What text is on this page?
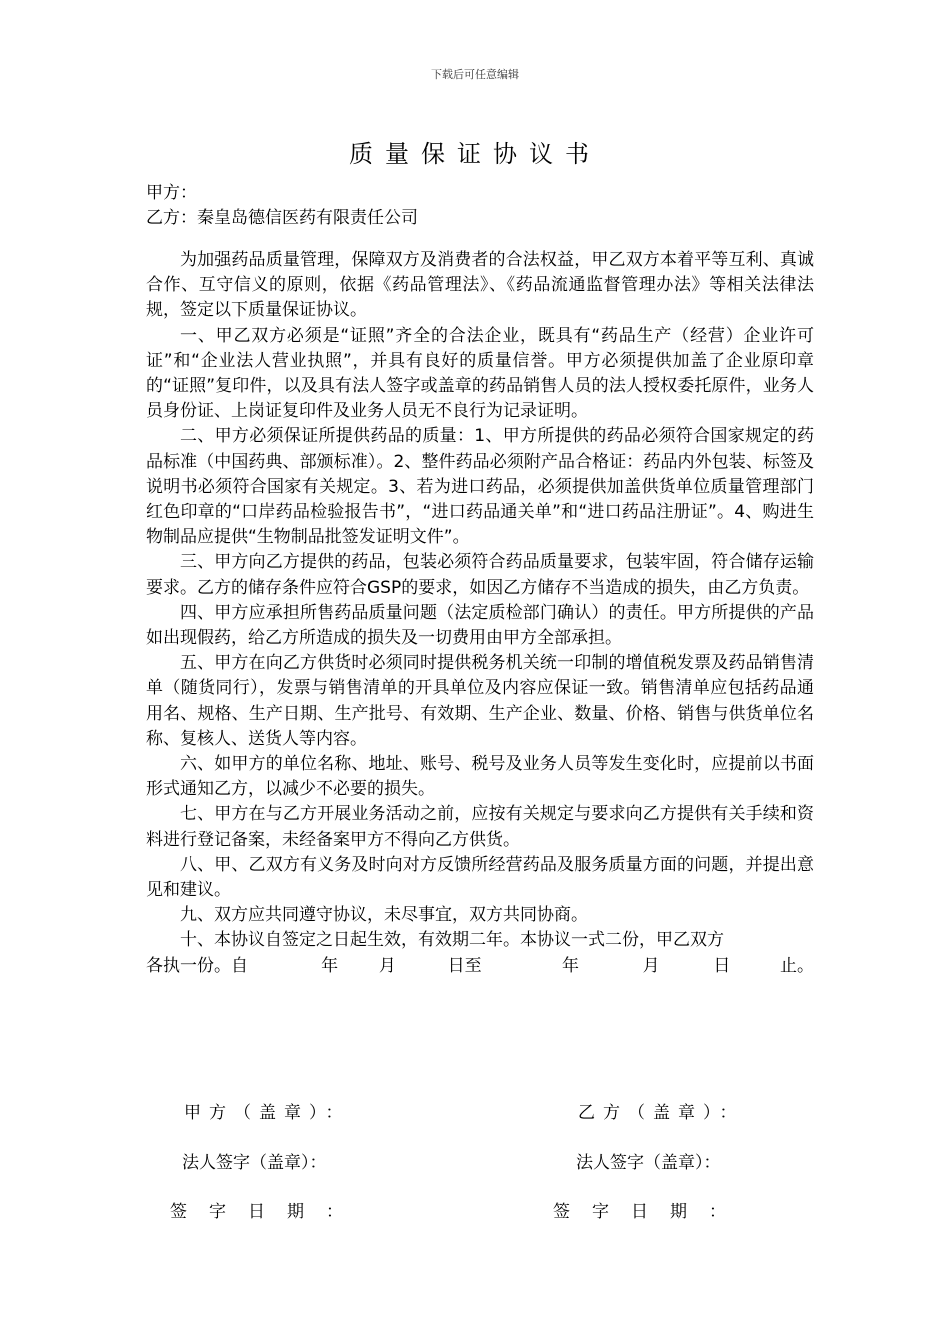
下载后可任意编辑
质量保证协议书
甲方：
乙方：秦皇岛德信医药有限责任公司

为加强药品质量管理，保障双方及消费者的合法权益，甲乙双方本着平等互利、真诚合作、互守信义的原则，依据《药品管理法》、《药品流通监督管理办法》等相关法律法规，签定以下质量保证协议。

一、甲乙双方必须是“证照”齐全的合法企业，既具有“药品生产（经营）企业许可证”和“企业法人营业执照”，并具有良好的质量信誉。甲方必须提供加盖了企业原印章的“证照”复印件，以及具有法人签字或盖章的药品销售人员的法人授权委托原件，业务人员身份证、上岗证复印件及业务人员无不良行为记录证明。

二、甲方必须保证所提供药品的质量：1、甲方所提供的药品必须符合国家规定的药品标准（中国药典、部颁标准）。2、整件药品必须附产品合格证：药品内外包装、标签及说明书必须符合国家有关规定。3、若为进口药品，必须提供加盖供货单位质量管理部门红色印章的“口岸药品检验报告书”，“进口药品通关单”和“进口药品注册证”。4、购进生物制品应提供“生物制品批签发证明文件”。

三、甲方向乙方提供的药品，包装必须符合药品质量要求，包装牢固，符合储存运输要求。乙方的储存条件应符合GSP的要求，如因乙方储存不当造成的损失，由乙方负责。

四、甲方应承担所售药品质量问题（法定质检部门确认）的责任。甲方所提供的产品如出现假药，给乙方所造成的损失及一切费用由甲方全部承担。

五、甲方在向乙方供货时必须同时提供税务机关统一印制的增值税发票及药品销售清单（随货同行），发票与销售清单的开具单位及内容应保证一致。销售清单应包括药品通用名、规格、生产日期、生产批号、有效期、生产企业、数量、价格、销售与供货单位名称、复核人、送货人等内容。

六、如甲方的单位名称、地址、账号、税号及业务人员等发生变化时，应提前以书面形式通知乙方，以减少不必要的损失。

七、甲方在与乙方开展业务活动之前，应按有关规定与要求向乙方提供有关手续和资料进行登记备案，未经备案甲方不得向乙方供货。

八、甲、乙双方有义务及时向对方反馈所经营药品及服务质量方面的问题，并提出意见和建议。

九、双方应共同遵守协议，未尽事宜，双方共同协商。

十、本协议自签定之日起生效，有效期二年。本协议一式二份，甲乙双方

各执一份。自	年	月	日至	年	月	日	止。
甲方（盖章）：	乙方（盖章）：
法人签字（盖章）：	法人签字（盖章）：
签字日期：	签字日期：
